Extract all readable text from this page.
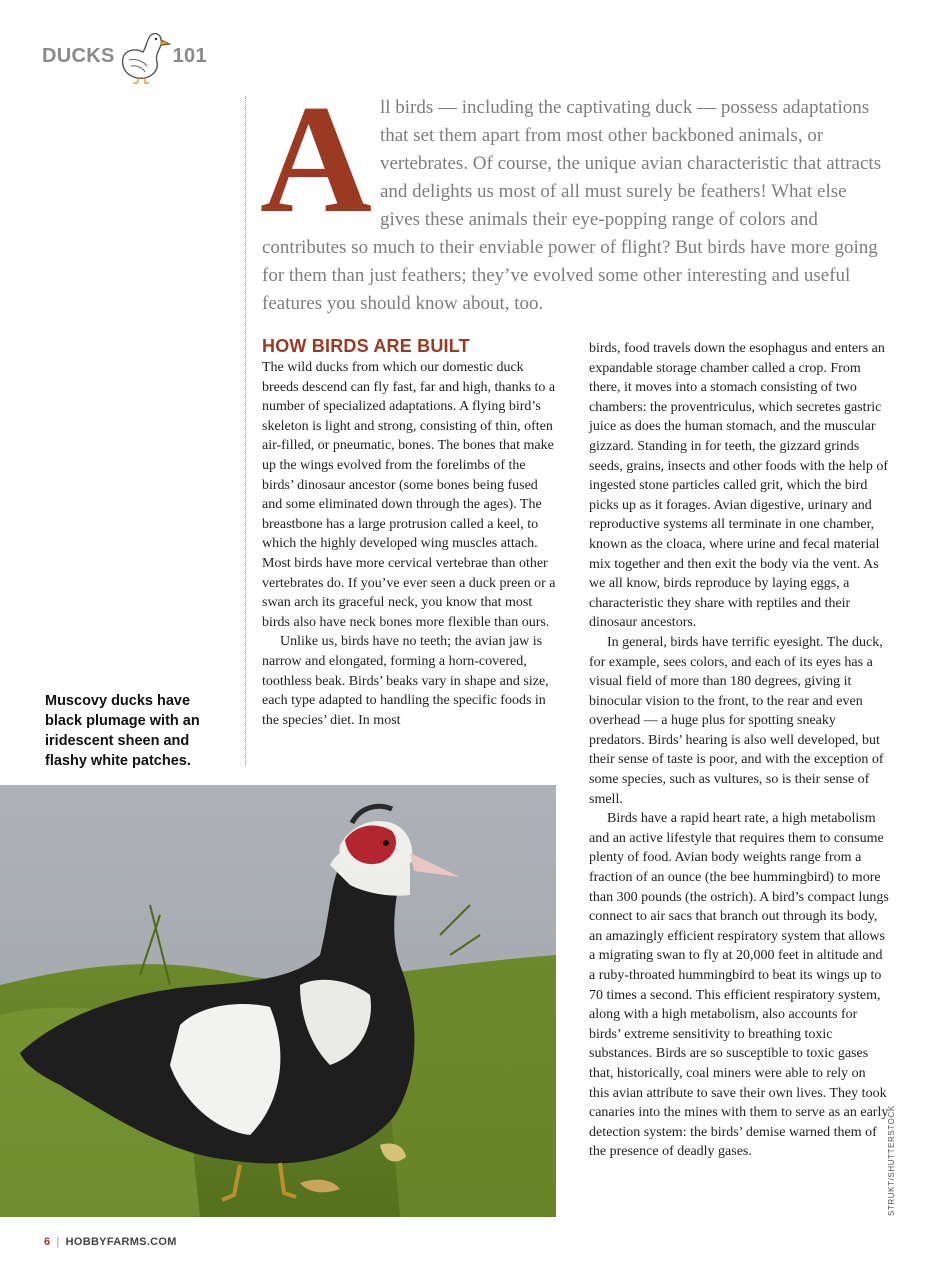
DUCKS	101

All birds — including the captivating duck — possess adaptations that set them apart from most other backboned animals, or vertebrates. Of course, the unique avian characteristic that attracts and delights us most of all must surely be feathers! What else gives these animals their eye-popping range of colors and contributes so much to their enviable power of flight? But birds have more going for them than just feathers; they’ve evolved some other interesting and useful features you should know about, too.

HOW BIRDS ARE BUILT

The wild ducks from which our domestic duck breeds descend can fly fast, far and high, thanks to a number of specialized adaptations. A flying bird’s skeleton is light and strong, consisting of thin, often air-filled, or pneumatic, bones. The bones that make up the wings evolved from the forelimbs of the birds’ dinosaur ancestor (some bones being fused and some eliminated down through the ages). The breastbone has a large protrusion called a keel, to which the highly developed wing muscles attach. Most birds have more cervical vertebrae than other vertebrates do. If you’ve ever seen a duck preen or a swan arch its graceful neck, you know that most birds also have neck bones more flexible than ours.

Unlike us, birds have no teeth; the avian jaw is narrow and elongated, forming a horn-covered, toothless beak. Birds’ beaks vary in shape and size, each type adapted to handling the specific foods in the species’ diet. In most

birds, food travels down the esophagus and enters an expandable storage chamber called a crop. From there, it moves into a stomach consisting of two chambers: the proventriculus, which secretes gastric juice as does the human stomach, and the muscular gizzard. Standing in for teeth, the gizzard grinds seeds, grains, insects and other foods with the help of ingested stone particles called grit, which the bird picks up as it forages. Avian digestive, urinary and reproductive systems all terminate in one chamber, known as the cloaca, where urine and fecal material mix together and then exit the body via the vent. As we all know, birds reproduce by laying eggs, a characteristic they share with reptiles and their dinosaur ancestors.

In general, birds have terrific eyesight. The duck, for example, sees colors, and each of its eyes has a visual field of more than 180 degrees, giving it binocular vision to the front, to the rear and even overhead — a huge plus for spotting sneaky predators. Birds’ hearing is also well developed, but their sense of taste is poor, and with the exception of some species, such as vultures, so is their sense of smell.

Birds have a rapid heart rate, a high metabolism and an active lifestyle that requires them to consume plenty of food. Avian body weights range from a fraction of an ounce (the bee hummingbird) to more than 300 pounds (the ostrich). A bird’s compact lungs connect to air sacs that branch out through its body, an amazingly efficient respiratory system that allows a migrating swan to fly at 20,000 feet in altitude and a ruby-throated hummingbird to beat its wings up to 70 times a second. This efficient respiratory system, along with a high metabolism, also accounts for birds’ extreme sensitivity to breathing toxic substances. Birds are so susceptible to toxic gases that, historically, coal miners were able to rely on this avian attribute to save their own lives. They took canaries into the mines with them to serve as an early detection system: the birds’ demise warned them of the presence of deadly gases.

Muscovy ducks have black plumage with an iridescent sheen and flashy white patches.

STRUKT/SHUTTERSTOCK
6 | HOBBYFARMS.COM
